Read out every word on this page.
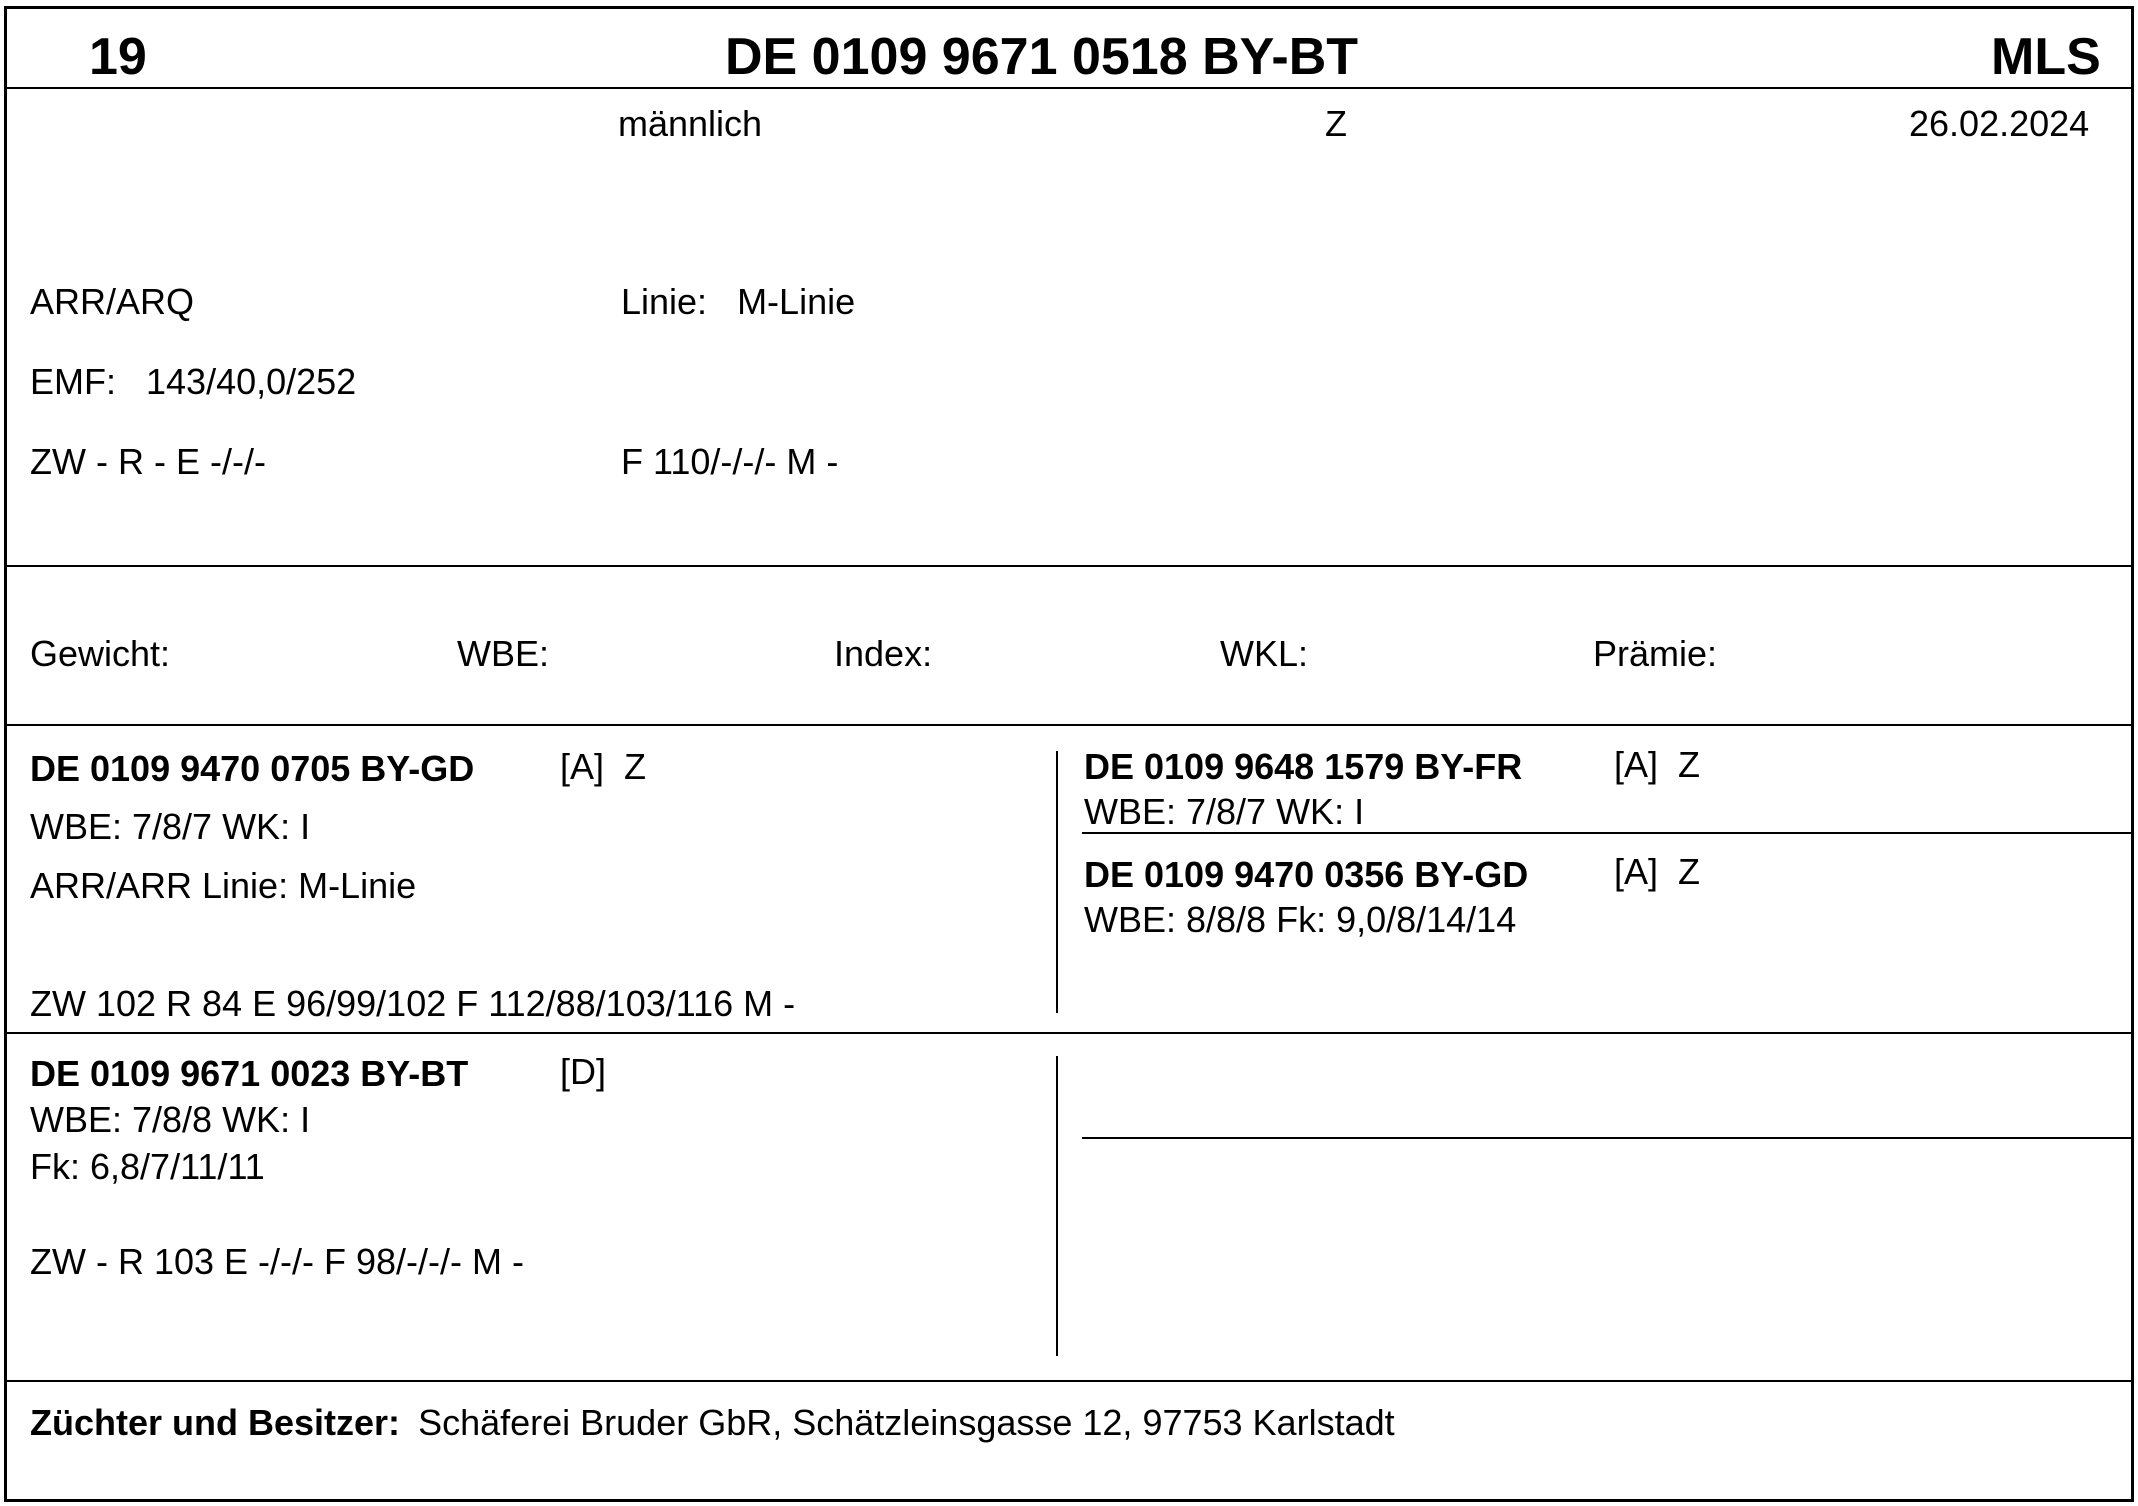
19	DE 0109 9671 0518 BY-BT	MLS
männlich	Z	26.02.2024
ARR/ARQ	Linie:   M-Linie
EMF:   143/40,0/252
ZW - R - E -/-/-	F 110/-/-/- M -
Gewicht:	WBE:	Index:	WKL:	Prämie:
DE 0109 9470 0705 BY-GD [A]  Z
WBE: 7/8/7 WK: I
ARR/ARR Linie: M-Linie
ZW 102 R 84 E 96/99/102 F 112/88/103/116 M -
DE 0109 9648 1579 BY-FR	[A]  Z
WBE: 7/8/7 WK: I
DE 0109 9470 0356 BY-GD [A]  Z
WBE: 8/8/8 Fk: 9,0/8/14/14
DE 0109 9671 0023 BY-BT	[D]
WBE: 7/8/8 WK: I
Fk: 6,8/7/11/11
ZW - R 103 E -/-/- F 98/-/-/- M -
Züchter und Besitzer: Schäferei Bruder GbR, Schätzleinsgasse 12, 97753 Karlstadt
